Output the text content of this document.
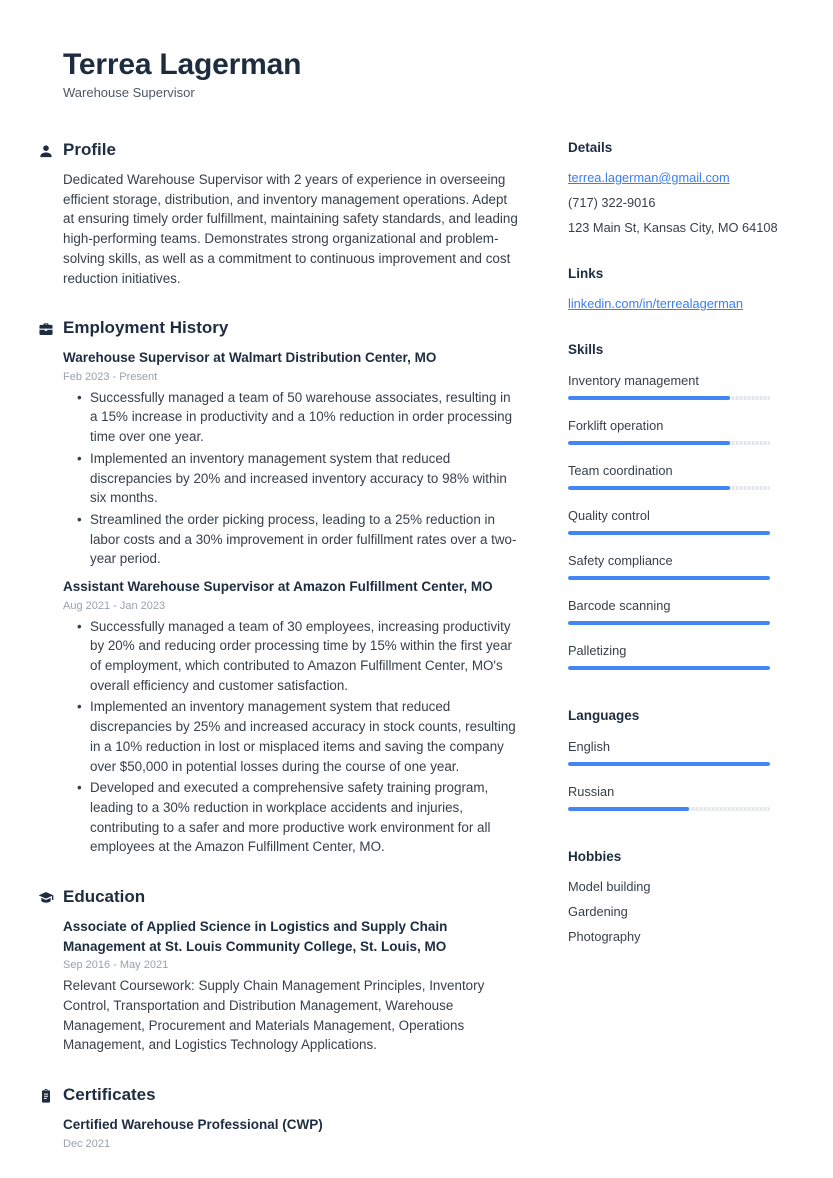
Terrea Lagerman
Warehouse Supervisor
Profile

Dedicated Warehouse Supervisor with 2 years of experience in overseeing efficient storage, distribution, and inventory management operations. Adept at ensuring timely order fulfillment, maintaining safety standards, and leading high-performing teams. Demonstrates strong organizational and problem-solving skills, as well as a commitment to continuous improvement and cost reduction initiatives.

Employment History
Warehouse Supervisor at Walmart Distribution Center, MO
Feb 2023 - Present
• Successfully managed a team of 50 warehouse associates, resulting in a 15% increase in productivity and a 10% reduction in order processing time over one year.
• Implemented an inventory management system that reduced discrepancies by 20% and increased inventory accuracy to 98% within six months.
• Streamlined the order picking process, leading to a 25% reduction in labor costs and a 30% improvement in order fulfillment rates over a two-year period.
Assistant Warehouse Supervisor at Amazon Fulfillment Center, MO
Aug 2021 - Jan 2023
• Successfully managed a team of 30 employees, increasing productivity by 20% and reducing order processing time by 15% within the first year of employment, which contributed to Amazon Fulfillment Center, MO's overall efficiency and customer satisfaction.
• Implemented an inventory management system that reduced discrepancies by 25% and increased accuracy in stock counts, resulting in a 10% reduction in lost or misplaced items and saving the company over $50,000 in potential losses during the course of one year.
• Developed and executed a comprehensive safety training program, leading to a 30% reduction in workplace accidents and injuries, contributing to a safer and more productive work environment for all employees at the Amazon Fulfillment Center, MO.
Education
Associate of Applied Science in Logistics and Supply Chain Management at St. Louis Community College, St. Louis, MO
Sep 2016 - May 2021

Relevant Coursework: Supply Chain Management Principles, Inventory Control, Transportation and Distribution Management, Warehouse Management, Procurement and Materials Management, Operations Management, and Logistics Technology Applications.

Certificates
Certified Warehouse Professional (CWP)
Dec 2021
Details
terrea.lagerman@gmail.com
(717) 322-9016
123 Main St, Kansas City, MO 64108
Links
linkedin.com/in/terrealagerman
Skills
Inventory management
Forklift operation
Team coordination
Quality control
Safety compliance
Barcode scanning
Palletizing
Languages
English
Russian
Hobbies
Model building
Gardening
Photography
